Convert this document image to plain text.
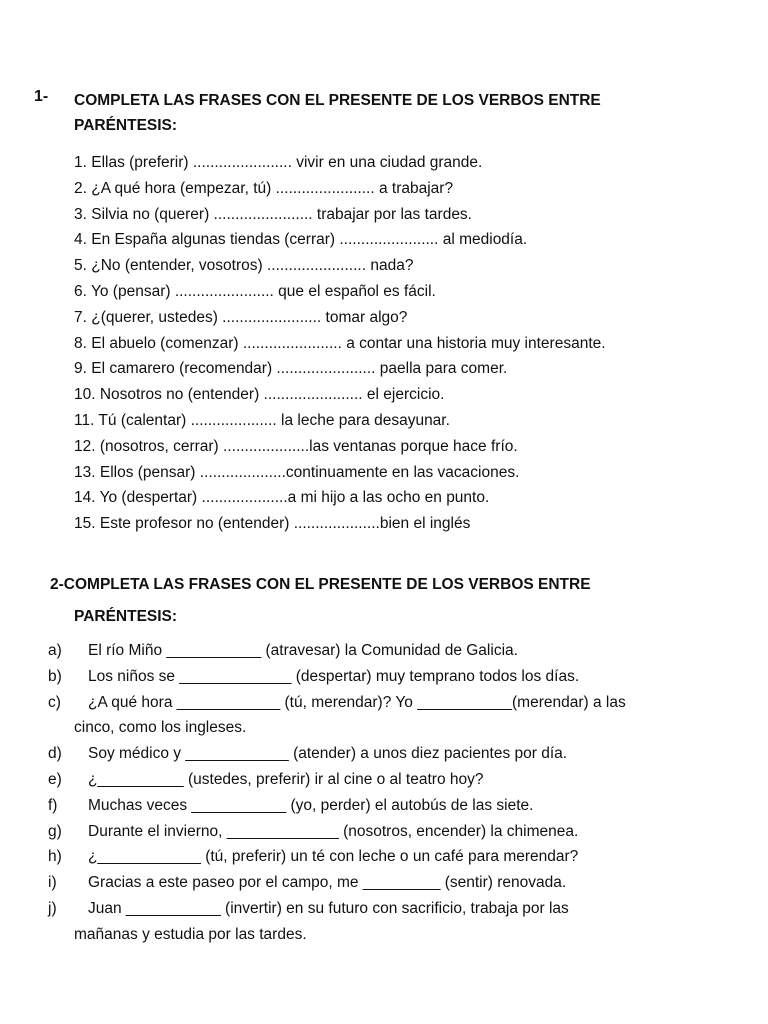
1- COMPLETA LAS FRASES CON EL PRESENTE DE LOS VERBOS ENTRE PARÉNTESIS:
1. Ellas (preferir) ....................... vivir en una ciudad grande.
2. ¿A qué hora (empezar, tú) ....................... a trabajar?
3. Silvia no (querer) ....................... trabajar por las tardes.
4. En España algunas tiendas (cerrar) ....................... al mediodía.
5. ¿No (entender, vosotros) ....................... nada?
6. Yo (pensar) ....................... que el español es fácil.
7. ¿(querer, ustedes) ....................... tomar algo?
8. El abuelo (comenzar) ....................... a contar una historia muy interesante.
9. El camarero (recomendar) ....................... paella para comer.
10. Nosotros no (entender) ....................... el ejercicio.
11. Tú (calentar) .................... la leche para desayunar.
12. (nosotros, cerrar) ....................las ventanas porque hace frío.
13. Ellos (pensar) ....................continuamente en las vacaciones.
14. Yo (despertar) ....................a mi hijo a las ocho en punto.
15. Este profesor no (entender) ....................bien el inglés
2-COMPLETA LAS FRASES CON EL PRESENTE DE LOS VERBOS ENTRE
PARÉNTESIS:
a) El río Miño ___________ (atravesar) la Comunidad de Galicia.
b) Los niños se _____________ (despertar) muy temprano todos los días.
c) ¿A qué hora ____________ (tú, merendar)? Yo ___________(merendar) a las
cinco, como los ingleses.
d) Soy médico y ____________ (atender) a unos diez pacientes por día.
e) ¿__________ (ustedes, preferir) ir al cine o al teatro hoy?
f) Muchas veces ___________ (yo, perder) el autobús de las siete.
g) Durante el invierno, _____________ (nosotros, encender) la chimenea.
h) ¿____________ (tú, preferir) un té con leche o un café para merendar?
i) Gracias a este paseo por el campo, me _________ (sentir) renovada.
j) Juan ___________ (invertir) en su futuro con sacrificio, trabaja por las
mañanas y estudia por las tardes.
